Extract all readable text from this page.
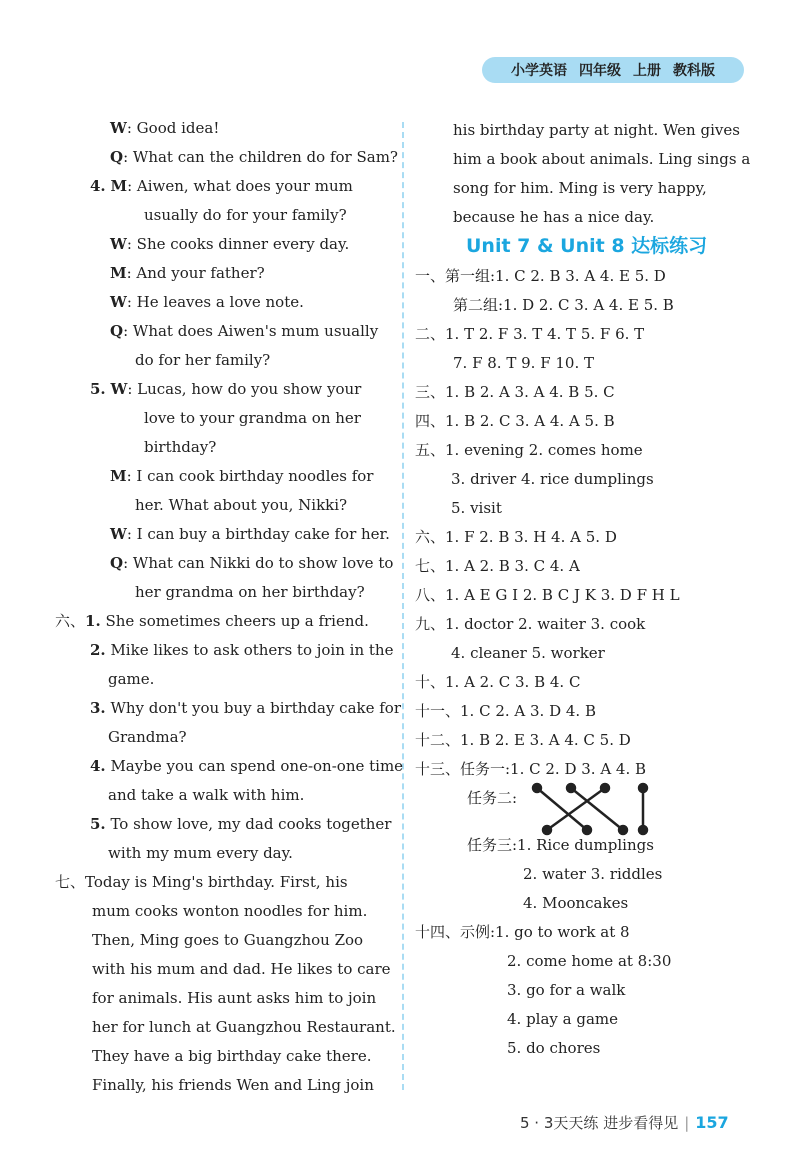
小学英语 四年级 上册 教科版
W: Good idea!
Q: What can the children do for Sam?
4. M: Aiwen, what does your mum
usually do for your family?
W: She cooks dinner every day.
M: And your father?
W: He leaves a love note.
Q: What does Aiwen's mum usually
do for her family?
5. W: Lucas, how do you show your
love to your grandma on her
birthday?
M: I can cook birthday noodles for
her. What about you, Nikki?
W: I can buy a birthday cake for her.
Q: What can Nikki do to show love to
her grandma on her birthday?
六、1. She sometimes cheers up a friend.
2. Mike likes to ask others to join in the
game.
3. Why don't you buy a birthday cake for
Grandma?
4. Maybe you can spend one-on-one time
and take a walk with him.
5. To show love, my dad cooks together
with my mum every day.
七、Today is Ming's birthday. First, his
mum cooks wonton noodles for him.
Then, Ming goes to Guangzhou Zoo
with his mum and dad. He likes to care
for animals. His aunt asks him to join
her for lunch at Guangzhou Restaurant.
They have a big birthday cake there.
Finally, his friends Wen and Ling join
his birthday party at night. Wen gives
him a book about animals. Ling sings a
song for him. Ming is very happy,
because he has a nice day.
Unit 7 & Unit 8 达标练习
一、第一组:1. C 2. B 3. A 4. E 5. D
第二组:1. D 2. C 3. A 4. E 5. B
二、1. T 2. F 3. T 4. T 5. F 6. T
7. F 8. T 9. F 10. T
三、1. B 2. A 3. A 4. B 5. C
四、1. B 2. C 3. A 4. A 5. B
五、1. evening 2. comes home
3. driver 4. rice dumplings
5. visit
六、1. F 2. B 3. H 4. A 5. D
七、1. A 2. B 3. C 4. A
八、1. A E G I 2. B C J K 3. D F H L
九、1. doctor 2. waiter 3. cook
4. cleaner 5. worker
十、1. A 2. C 3. B 4. C
十一、1. C 2. A 3. D 4. B
十二、1. B 2. E 3. A 4. C 5. D
十三、任务一:1. C 2. D 3. A 4. B
任务二:
任务三:1. Rice dumplings
2. water 3. riddles
4. Mooncakes
十四、示例:1. go to work at 8
2. come home at 8:30
3. go for a walk
4. play a game
5. do chores
5 · 3天天练 进步看得见 | 157
